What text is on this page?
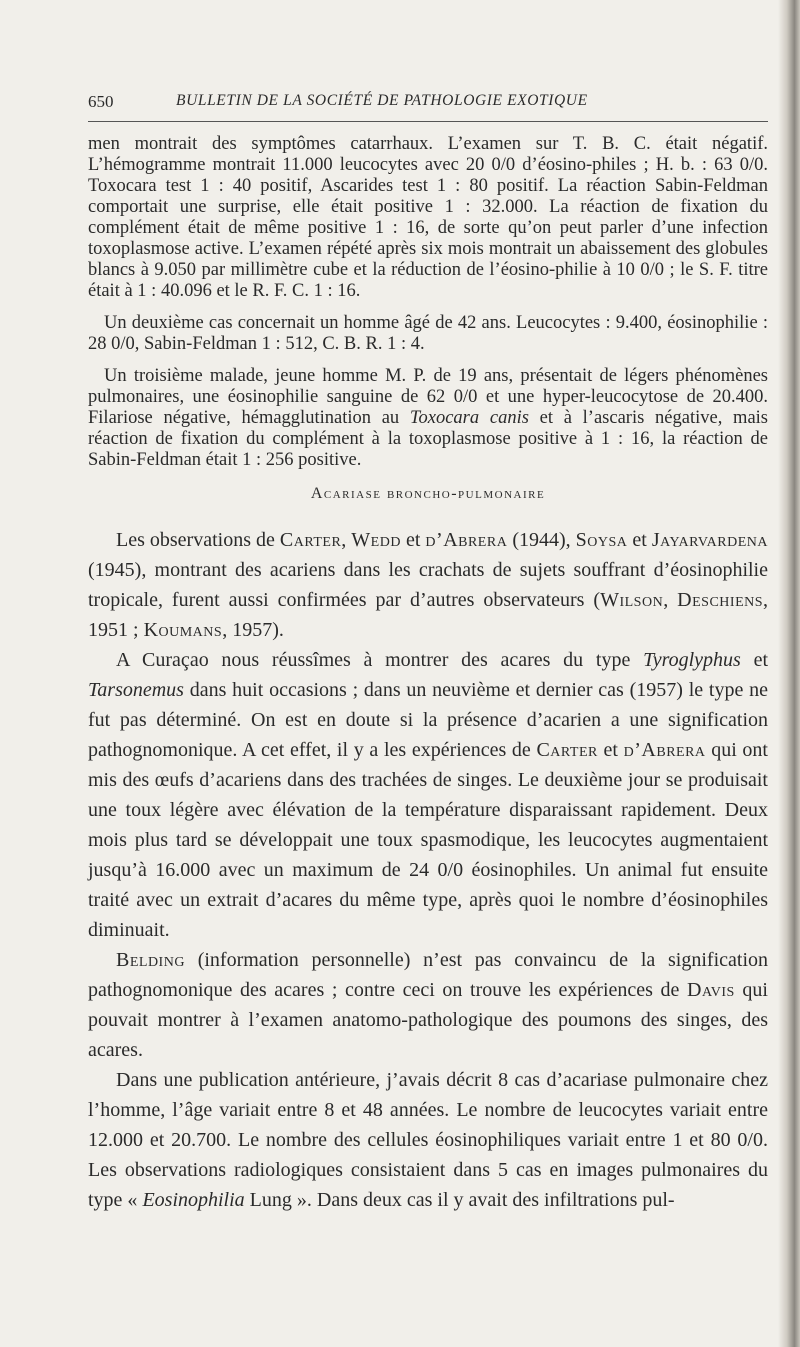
650	BULLETIN DE LA SOCIÉTÉ DE PATHOLOGIE EXOTIQUE

men montrait des symptômes catarrhaux. L’examen sur T. B. C. était négatif. L’hémogramme montrait 11.000 leucocytes avec 20 0/0 d’éosino-philes ; H. b. : 63 0/0. Toxocara test 1 : 40 positif, Ascarides test 1 : 80 positif. La réaction Sabin-Feldman comportait une surprise, elle était positive 1 : 32.000. La réaction de fixation du complément était de même positive 1 : 16, de sorte qu’on peut parler d’une infection toxoplasmose active. L’examen répété après six mois montrait un abaissement des globules blancs à 9.050 par millimètre cube et la réduction de l’éosino-philie à 10 0/0 ; le S. F. titre était à 1 : 40.096 et le R. F. C. 1 : 16.

Un deuxième cas concernait un homme âgé de 42 ans. Leucocytes : 9.400, éosinophilie : 28 0/0, Sabin-Feldman 1 : 512, C. B. R. 1 : 4.

Un troisième malade, jeune homme M. P. de 19 ans, présentait de légers phénomènes pulmonaires, une éosinophilie sanguine de 62 0/0 et une hyper-leucocytose de 20.400. Filariose négative, hémagglutination au Toxocara canis et à l’ascaris négative, mais réaction de fixation du complément à la toxoplasmose positive à 1 : 16, la réaction de Sabin-Feldman était 1 : 256 positive.

Acariase broncho-pulmonaire

Les observations de Carter, Wedd et d’Abrera (1944), Soysa et Jayarvardena (1945), montrant des acariens dans les crachats de sujets souffrant d’éosinophilie tropicale, furent aussi confirmées par d’autres observateurs (Wilson, Deschiens, 1951 ; Koumans, 1957).

A Curaçao nous réussîmes à montrer des acares du type Tyroglyphus et Tarsonemus dans huit occasions ; dans un neuvième et dernier cas (1957) le type ne fut pas déterminé. On est en doute si la présence d’acarien a une signification pathognomonique. A cet effet, il y a les expériences de Carter et d’Abrera qui ont mis des œufs d’acariens dans des trachées de singes. Le deuxième jour se produisait une toux légère avec élévation de la température disparaissant rapidement. Deux mois plus tard se développait une toux spasmodique, les leucocytes augmentaient jusqu’à 16.000 avec un maximum de 24 0/0 éosinophiles. Un animal fut ensuite traité avec un extrait d’acares du même type, après quoi le nombre d’éosinophiles diminuait.

Belding (information personnelle) n’est pas convaincu de la signification pathognomonique des acares ; contre ceci on trouve les expériences de Davis qui pouvait montrer à l’examen anatomo-pathologique des poumons des singes, des acares.

Dans une publication antérieure, j’avais décrit 8 cas d’acariase pulmonaire chez l’homme, l’âge variait entre 8 et 48 années. Le nombre de leucocytes variait entre 12.000 et 20.700. Le nombre des cellules éosinophiliques variait entre 1 et 80 0/0. Les observations radiologiques consistaient dans 5 cas en images pulmonaires du type « Eosinophilia Lung ». Dans deux cas il y avait des infiltrations pul-
